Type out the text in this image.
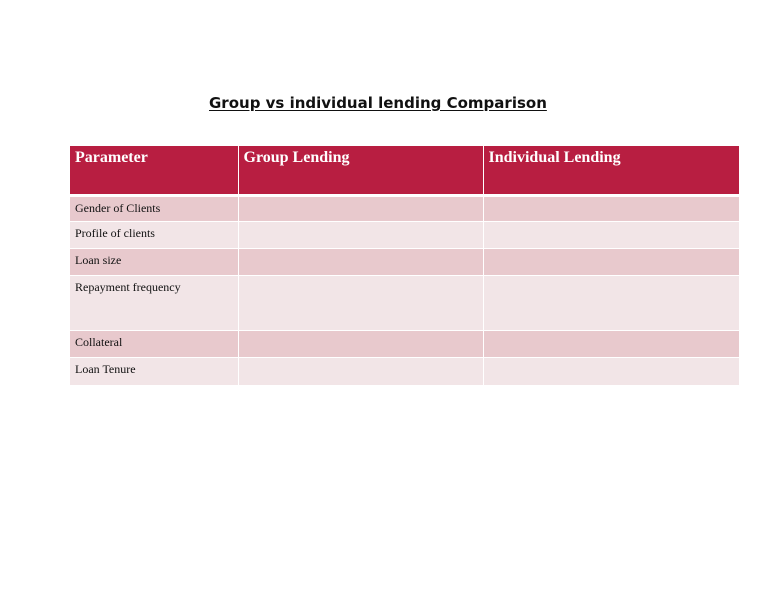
Group vs individual lending Comparison
Parameter	Group Lending	Individual Lending
Gender of Clients		
Profile of clients		
Loan size		
Repayment frequency		
Collateral		
Loan Tenure		
